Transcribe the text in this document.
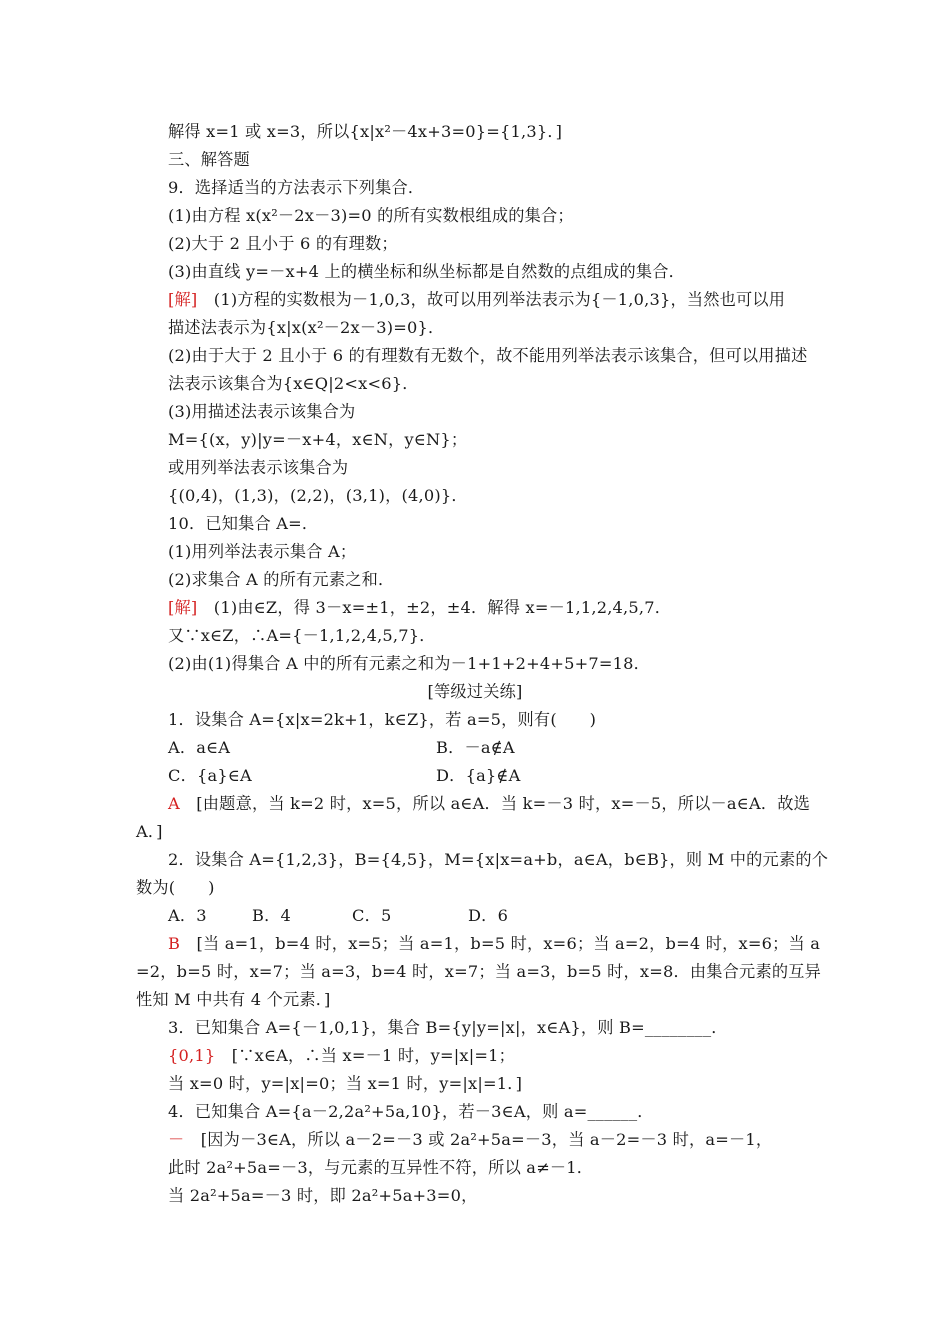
解得 x=1 或 x=3，所以{x|x²－4x+3=0}={1,3}．]
三、解答题
9．选择适当的方法表示下列集合．
(1)由方程 x(x²－2x－3)=0 的所有实数根组成的集合；
(2)大于 2 且小于 6 的有理数；
(3)由直线 y=－x+4 上的横坐标和纵坐标都是自然数的点组成的集合．
[解]　(1)方程的实数根为－1,0,3，故可以用列举法表示为{－1,0,3}，当然也可以用
描述法表示为{x|x(x²－2x－3)=0}．
(2)由于大于 2 且小于 6 的有理数有无数个，故不能用列举法表示该集合，但可以用描述
法表示该集合为{x∈Q|2<x<6}．
(3)用描述法表示该集合为
M={(x，y)|y=－x+4，x∈N，y∈N}；
或用列举法表示该集合为
{(0,4)，(1,3)，(2,2)，(3,1)，(4,0)}．
10．已知集合 A=．
(1)用列举法表示集合 A；
(2)求集合 A 的所有元素之和．
[解]　(1)由∈Z，得 3－x=±1，±2，±4．解得 x=－1,1,2,4,5,7．
又∵x∈Z，∴A={－1,1,2,4,5,7}．
(2)由(1)得集合 A 中的所有元素之和为－1+1+2+4+5+7=18．
[等级过关练]
1．设集合 A={x|x=2k+1，k∈Z}，若 a=5，则有(　　)
A．a∈A	B．－a∉A
C．{a}∈A	D．{a}∉A
A　[由题意，当 k=2 时，x=5，所以 a∈A．当 k=－3 时，x=－5，所以－a∈A．故选
A．]
2．设集合 A={1,2,3}，B={4,5}，M={x|x=a+b，a∈A，b∈B}，则 M 中的元素的个
数为(　　)
A．3	B．4	C．5	D．6
B　[当 a=1，b=4 时，x=5；当 a=1，b=5 时，x=6；当 a=2，b=4 时，x=6；当 a
=2，b=5 时，x=7；当 a=3，b=4 时，x=7；当 a=3，b=5 时，x=8．由集合元素的互异
性知 M 中共有 4 个元素．]
3．已知集合 A={－1,0,1}，集合 B={y|y=|x|，x∈A}，则 B=________．
{0,1}　[∵x∈A，∴当 x=－1 时，y=|x|=1；
当 x=0 时，y=|x|=0；当 x=1 时，y=|x|=1．]
4．已知集合 A={a－2,2a²+5a,10}，若－3∈A，则 a=______．
－　[因为－3∈A，所以 a－2=－3 或 2a²+5a=－3，当 a－2=－3 时，a=－1，
此时 2a²+5a=－3，与元素的互异性不符，所以 a≠－1．
当 2a²+5a=－3 时，即 2a²+5a+3=0，
